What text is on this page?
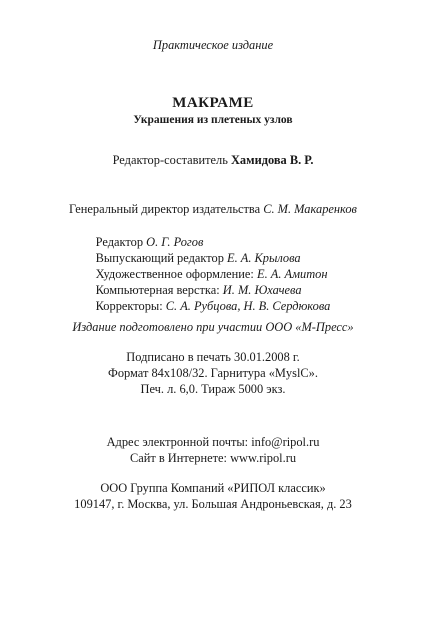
Практическое издание
МАКРАМЕ
Украшения из плетеных узлов
Редактор-составитель Хамидова В. Р.
Генеральный директор издательства С. М. Макаренков
Редактор О. Г. Рогов
Выпускающий редактор Е. А. Крылова
Художественное оформление: Е. А. Амитон
Компьютерная верстка: И. М. Юхачева
Корректоры: С. А. Рубцова, Н. В. Сердюкова
Издание подготовлено при участии ООО «М-Пресс»
Подписано в печать 30.01.2008 г.
Формат 84x108/32. Гарнитура «MyslC».
Печ. л. 6,0. Тираж 5000 экз.
Адрес электронной почты: info@ripol.ru
Сайт в Интернете: www.ripol.ru
ООО Группа Компаний «РИПОЛ классик»
109147, г. Москва, ул. Большая Андроньевская, д. 23
